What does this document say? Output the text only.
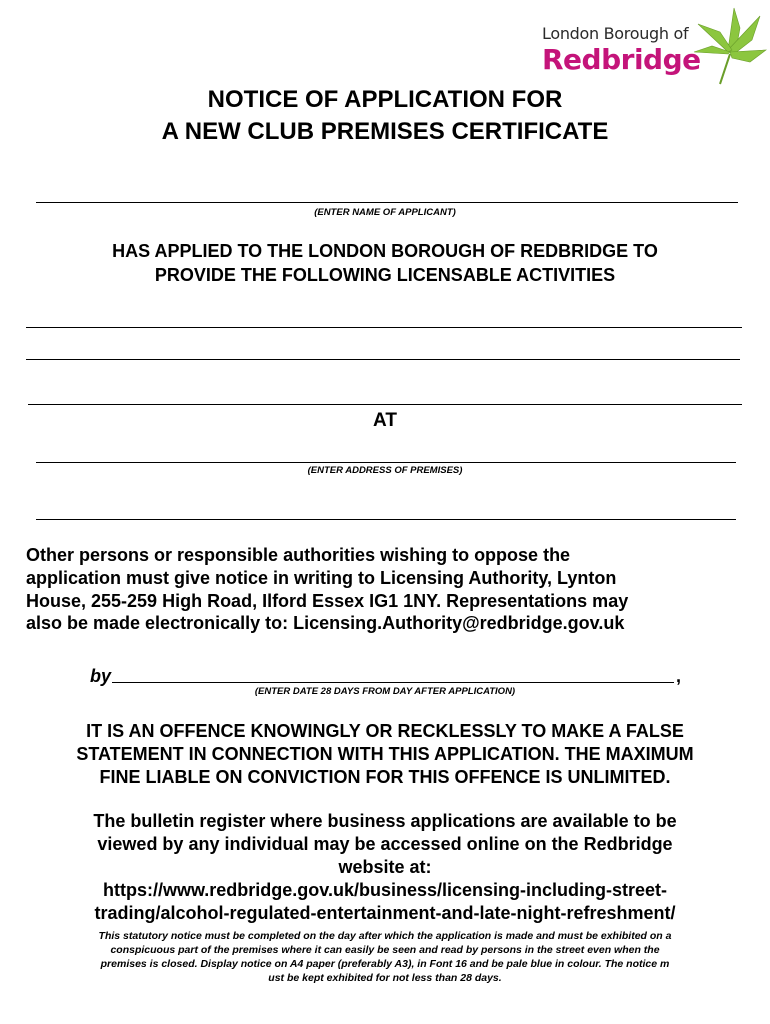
London Borough of
Redbridge
NOTICE OF APPLICATION FOR
A NEW CLUB PREMISES CERTIFICATE
(ENTER NAME OF APPLICANT)
HAS APPLIED TO THE LONDON BOROUGH OF REDBRIDGE TO
PROVIDE THE FOLLOWING LICENSABLE ACTIVITIES
AT
(ENTER ADDRESS OF PREMISES)
Other persons or responsible authorities wishing to oppose the
application must give notice in writing to Licensing Authority, Lynton
House, 255-259 High Road, Ilford Essex IG1 1NY. Representations may
also be made electronically to: Licensing.Authority@redbridge.gov.uk
by	,
(ENTER DATE 28 DAYS FROM DAY AFTER APPLICATION)
IT IS AN OFFENCE KNOWINGLY OR RECKLESSLY TO MAKE A FALSE
STATEMENT IN CONNECTION WITH THIS APPLICATION. THE MAXIMUM
FINE LIABLE ON CONVICTION FOR THIS OFFENCE IS UNLIMITED.
The bulletin register where business applications are available to be
viewed by any individual may be accessed online on the Redbridge
website at:
https://www.redbridge.gov.uk/business/licensing-including-street-
trading/alcohol-regulated-entertainment-and-late-night-refreshment/
This statutory notice must be completed on the day after which the application is made and must be exhibited on a
conspicuous part of the premises where it can easily be seen and read by persons in the street even when the
premises is closed. Display notice on A4 paper (preferably A3), in Font 16 and be pale blue in colour. The notice m
ust be kept exhibited for not less than 28 days.
